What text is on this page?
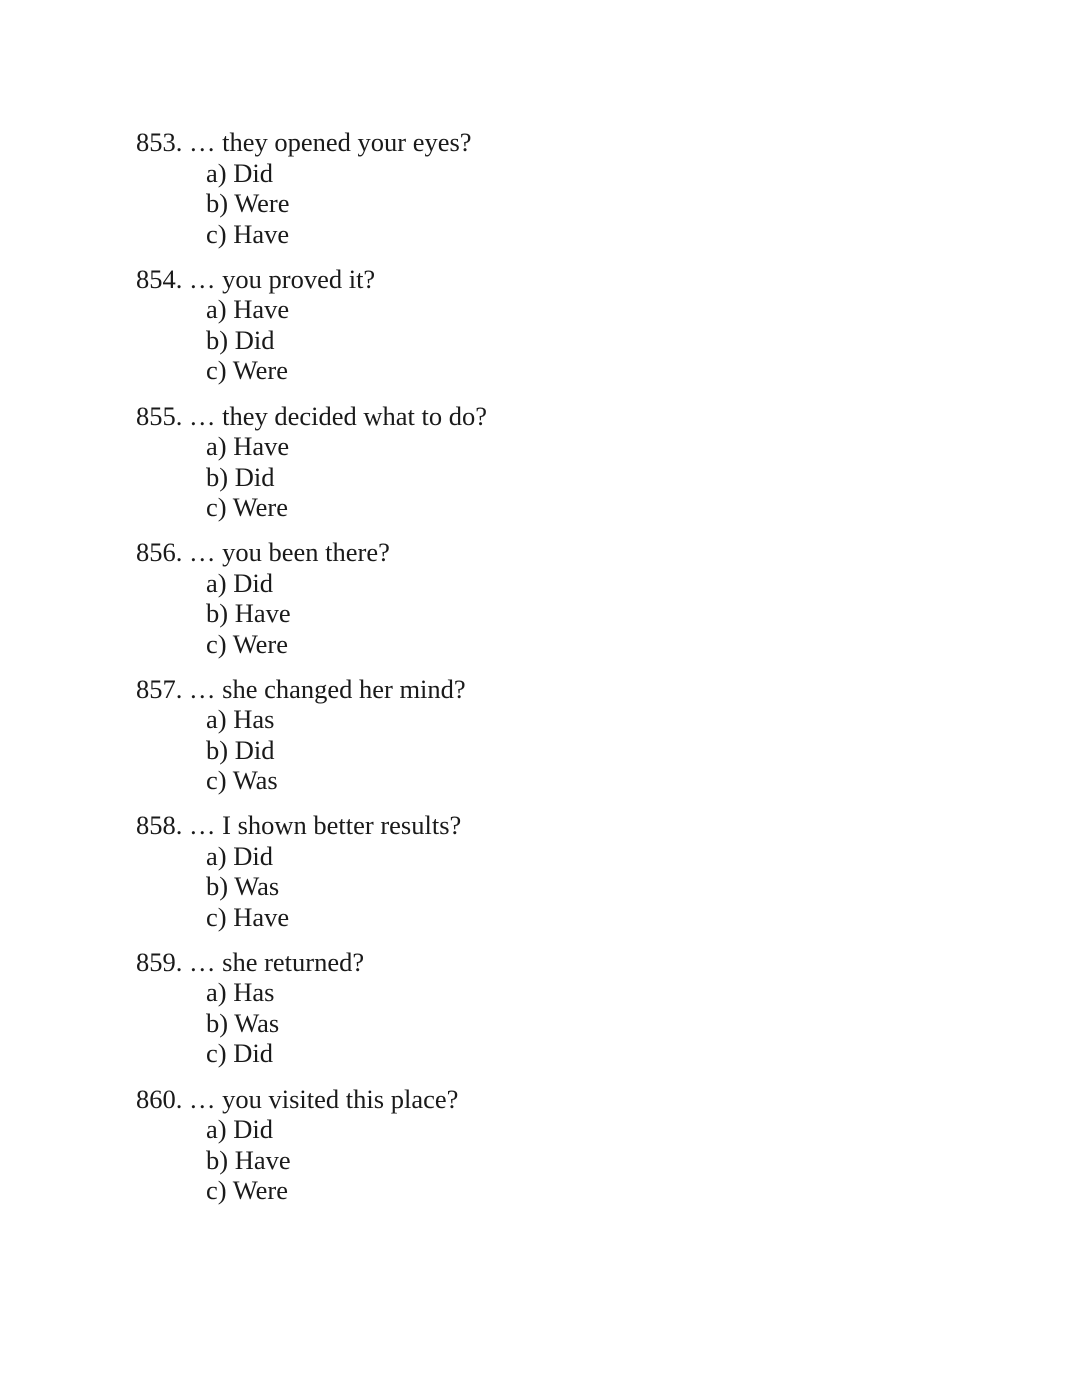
853. … they opened your eyes?
a) Did
b) Were
c) Have
854. … you proved it?
a) Have
b) Did
c) Were
855. … they decided what to do?
a) Have
b) Did
c) Were
856. … you been there?
a) Did
b) Have
c) Were
857. … she changed her mind?
a) Has
b) Did
c) Was
858. … I shown better results?
a) Did
b) Was
c) Have
859. … she returned?
a) Has
b) Was
c) Did
860. … you visited this place?
a) Did
b) Have
c) Were
